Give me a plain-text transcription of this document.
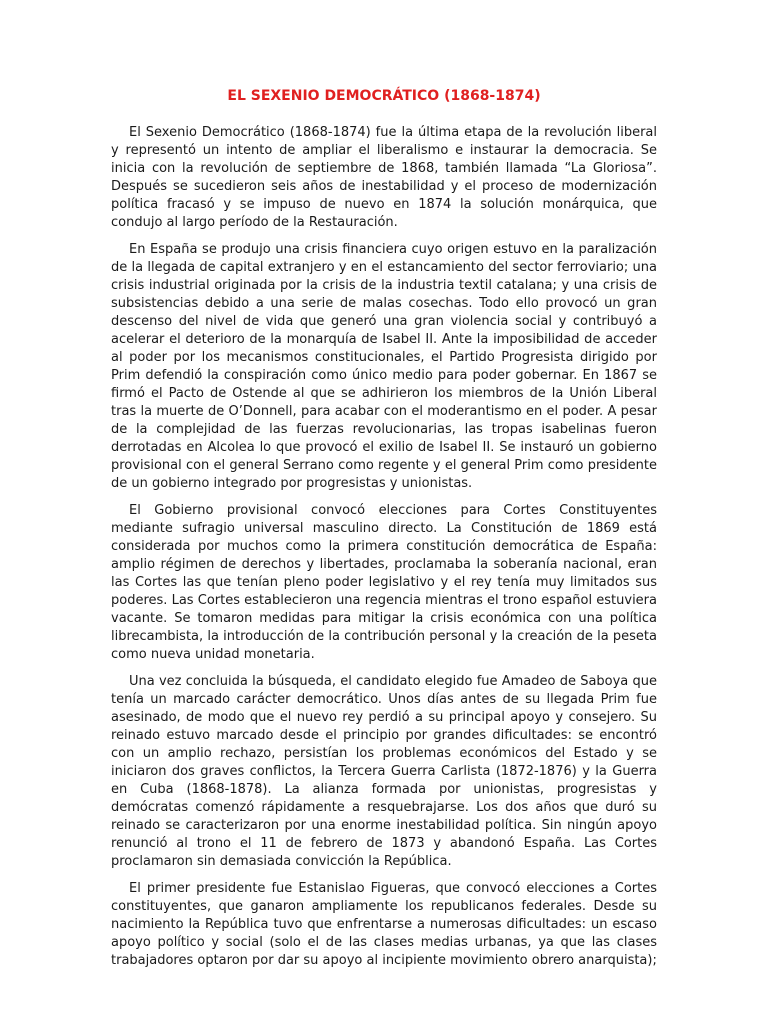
EL SEXENIO DEMOCRÁTICO (1868-1874)

El Sexenio Democrático (1868-1874) fue la última etapa de la revolución liberal y representó un intento de ampliar el liberalismo e instaurar la democracia. Se inicia con la revolución de septiembre de 1868, también llamada “La Gloriosa”. Después se sucedieron seis años de inestabilidad y el proceso de modernización política fracasó y se impuso de nuevo en 1874 la solución monárquica, que condujo al largo período de la Restauración.

En España se produjo una crisis financiera cuyo origen estuvo en la paralización de la llegada de capital extranjero y en el estancamiento del sector ferroviario; una crisis industrial originada por la crisis de la industria textil catalana; y una crisis de subsistencias debido a una serie de malas cosechas. Todo ello provocó un gran descenso del nivel de vida que generó una gran violencia social y contribuyó a acelerar el deterioro de la monarquía de Isabel II. Ante la imposibilidad de acceder al poder por los mecanismos constitucionales, el Partido Progresista dirigido por Prim defendió la conspiración como único medio para poder gobernar. En 1867 se firmó el Pacto de Ostende al que se adhirieron los miembros de la Unión Liberal tras la muerte de O’Donnell, para acabar con el moderantismo en el poder. A pesar de la complejidad de las fuerzas revolucionarias, las tropas isabelinas fueron derrotadas en Alcolea lo que provocó el exilio de Isabel II. Se instauró un gobierno provisional con el general Serrano como regente y el general Prim como presidente de un gobierno integrado por progresistas y unionistas.

El Gobierno provisional convocó elecciones para Cortes Constituyentes mediante sufragio universal masculino directo. La Constitución de 1869 está considerada por muchos como la primera constitución democrática de España: amplio régimen de derechos y libertades, proclamaba la soberanía nacional, eran las Cortes las que tenían pleno poder legislativo y el rey tenía muy limitados sus poderes. Las Cortes establecieron una regencia mientras el trono español estuviera vacante. Se tomaron medidas para mitigar la crisis económica con una política librecambista, la introducción de la contribución personal y la creación de la peseta como nueva unidad monetaria.

Una vez concluida la búsqueda, el candidato elegido fue Amadeo de Saboya que tenía un marcado carácter democrático. Unos días antes de su llegada Prim fue asesinado, de modo que el nuevo rey perdió a su principal apoyo y consejero. Su reinado estuvo marcado desde el principio por grandes dificultades: se encontró con un amplio rechazo, persistían los problemas económicos del Estado y se iniciaron dos graves conflictos, la Tercera Guerra Carlista (1872-1876) y la Guerra en Cuba (1868-1878). La alianza formada por unionistas, progresistas y demócratas comenzó rápidamente a resquebrajarse. Los dos años que duró su reinado se caracterizaron por una enorme inestabilidad política. Sin ningún apoyo renunció al trono el 11 de febrero de 1873 y abandonó España. Las Cortes proclamaron sin demasiada convicción la República.

El primer presidente fue Estanislao Figueras, que convocó elecciones a Cortes constituyentes, que ganaron ampliamente los republicanos federales. Desde su nacimiento la República tuvo que enfrentarse a numerosas dificultades: un escaso apoyo político y social (solo el de las clases medias urbanas, ya que las clases trabajadores optaron por dar su apoyo al incipiente movimiento obrero anarquista);
